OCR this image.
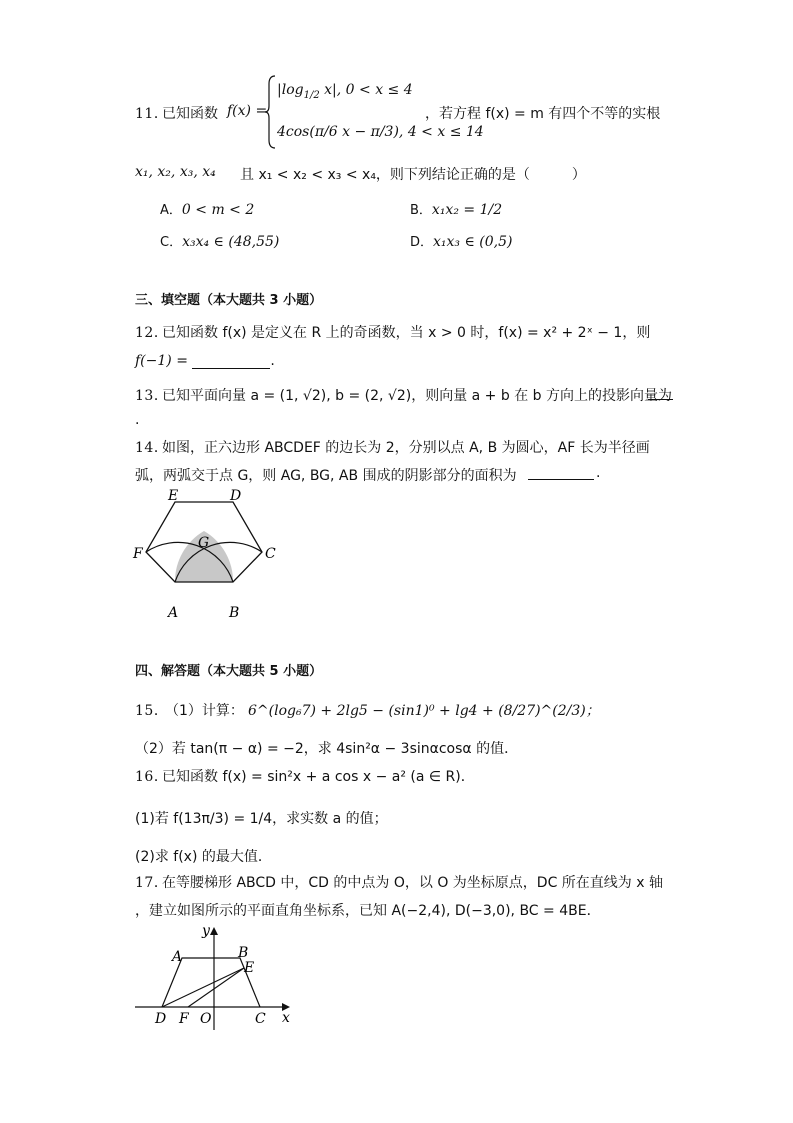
11．
已知函数 f(x) =
$|\log_{1/2}$ x|, 0 < x ≤ 4
4cos(π/6 x − π/3), 4 < x ≤ 14
，若方程 f(x) = m 有四个不等的实根
x₁, x₂, x₃, x₄ 且 x₁ < x₂ < x₃ < x₄，则下列结论正确的是（　　　）
A．0 < m < 2	B．x₁x₂ = 1/2
C．x₃x₄ ∈ (48,55)	D．x₁x₃ ∈ (0,5)
三、填空题（本大题共 3 小题）
12．
已知函数 f(x) 是定义在 R 上的奇函数，当 x > 0 时，f(x) = x² + 2ˣ − 1，则
f(−1) =	.
13．
已知平面向量 a = (1, √2), b = (2, √2)，则向量 a + b 在 b 方向上的投影向量为
.
14．
如图，正六边形 ABCDEF 的边长为 2，分别以点 A, B 为圆心，AF 长为半径画
弧，两弧交于点 G，则 AG, BG, AB 围成的阴影部分的面积为	.
E	D
F
G
C
A	B
四、解答题（本大题共 5 小题）
15．
（1）计算： 6^(log₆7) + 2lg5 − (sin1)⁰ + lg4 + (8/27)^(2/3)；
（2）若 tan(π − α) = −2，求 4sin²α − 3sinαcosα 的值．
16．
已知函数 f(x) = sin²x + a cos x − a² (a ∈ R)．
(1)若 f(13π/3) = 1/4，求实数 a 的值；
(2)求 f(x) 的最大值．
17．
在等腰梯形 ABCD 中，CD 的中点为 O，以 O 为坐标原点，DC 所在直线为 x 轴
，建立如图所示的平面直角坐标系，已知 A(−2,4), D(−3,0), BC = 4BE．
y
A	B
E
D F O	C x
